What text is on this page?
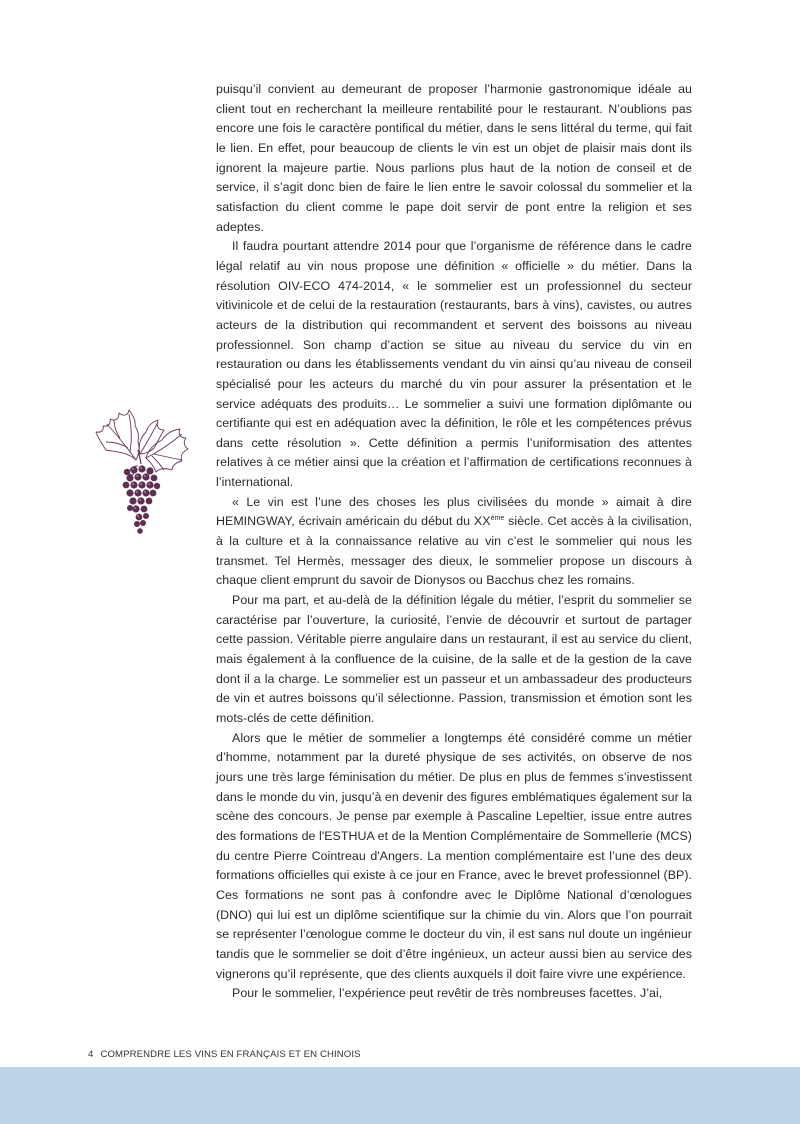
puisqu’il convient au demeurant de proposer l’harmonie gastronomique idéale au client tout en recherchant la meilleure rentabilité pour le restaurant. N’oublions pas encore une fois le caractère pontifical du métier, dans le sens littéral du terme, qui fait le lien. En effet, pour beaucoup de clients le vin est un objet de plaisir mais dont ils ignorent la majeure partie. Nous parlions plus haut de la notion de conseil et de service, il s’agit donc bien de faire le lien entre le savoir colossal du sommelier et la satisfaction du client comme le pape doit servir de pont entre la religion et ses adeptes.

Il faudra pourtant attendre 2014 pour que l’organisme de référence dans le cadre légal relatif au vin nous propose une définition « officielle » du métier. Dans la résolution OIV-ECO 474-2014, « le sommelier est un professionnel du secteur vitivinicole et de celui de la restauration (restaurants, bars à vins), cavistes, ou autres acteurs de la distribution qui recommandent et servent des boissons au niveau professionnel. Son champ d’action se situe au niveau du service du vin en restauration ou dans les établissements vendant du vin ainsi qu’au niveau de conseil spécialisé pour les acteurs du marché du vin pour assurer la présentation et le service adéquats des produits… Le sommelier a suivi une formation diplômante ou certifiante qui est en adéquation avec la définition, le rôle et les compétences prévus dans cette résolution ». Cette définition a permis l’uniformisation des attentes relatives à ce métier ainsi que la création et l’affirmation de certifications reconnues à l’international.

« Le vin est l’une des choses les plus civilisées du monde » aimait à dire HEMINGWAY, écrivain américain du début du XXème siècle. Cet accès à la civilisation, à la culture et à la connaissance relative au vin c’est le sommelier qui nous les transmet. Tel Hermès, messager des dieux, le sommelier propose un discours à chaque client emprunt du savoir de Dionysos ou Bacchus chez les romains.

Pour ma part, et au-delà de la définition légale du métier, l’esprit du sommelier se caractérise par l’ouverture, la curiosité, l’envie de découvrir et surtout de partager cette passion. Véritable pierre angulaire dans un restaurant, il est au service du client, mais également à la confluence de la cuisine, de la salle et de la gestion de la cave dont il a la charge. Le sommelier est un passeur et un ambassadeur des producteurs de vin et autres boissons qu’il sélectionne. Passion, transmission et émotion sont les mots-clés de cette définition.

Alors que le métier de sommelier a longtemps été considéré comme un métier d’homme, notamment par la dureté physique de ses activités, on observe de nos jours une très large féminisation du métier. De plus en plus de femmes s’investissent dans le monde du vin, jusqu’à en devenir des figures emblématiques également sur la scène des concours. Je pense par exemple à Pascaline Lepeltier, issue entre autres des formations de l'ESTHUA et de la Mention Complémentaire de Sommellerie (MCS) du centre Pierre Cointreau d'Angers. La mention complémentaire est l’une des deux formations officielles qui existe à ce jour en France, avec le brevet professionnel (BP). Ces formations ne sont pas à confondre avec le Diplôme National d’œnologues (DNO) qui lui est un diplôme scientifique sur la chimie du vin. Alors que l’on pourrait se représenter l’œnologue comme le docteur du vin, il est sans nul doute un ingénieur tandis que le sommelier se doit d’être ingénieux, un acteur aussi bien au service des vignerons qu’il représente, que des clients auxquels il doit faire vivre une expérience.

Pour le sommelier, l’expérience peut revêtir de très nombreuses facettes. J’ai,

4 COMPRENDRE LES VINS EN FRANÇAIS ET EN CHINOIS
